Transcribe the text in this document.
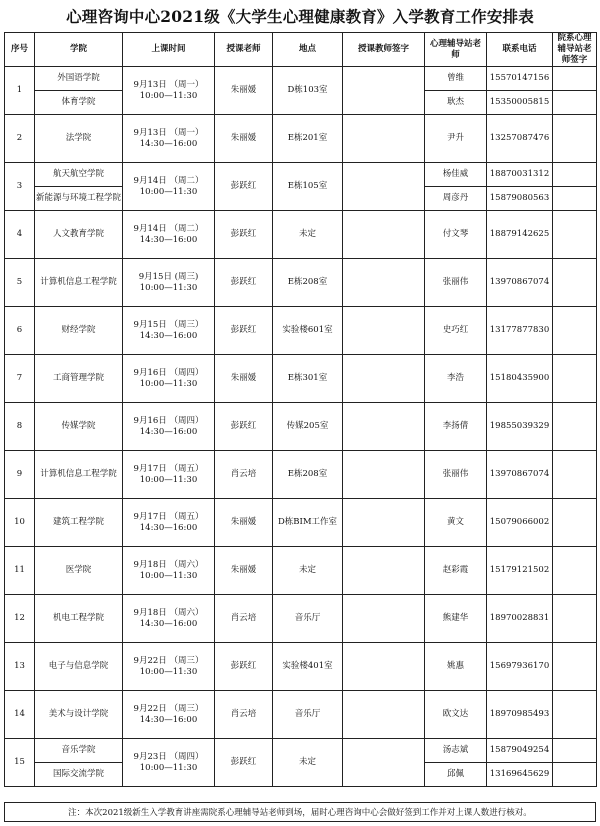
心理咨询中心2021级《大学生心理健康教育》入学教育工作安排表
序号	学院	上课时间	授课老师	地点	授课教师签字	心理辅导站老师	联系电话	院系心理辅导站老师签字
1	外国语学院	9月13日 （周一）
10:00—11:30	朱丽媛	D栋103室		曾维	15570147156	
	体育学院					耿杰	15350005815	
2	法学院	9月13日 （周一）
14:30—16:00	朱丽媛	E栋201室		尹升	13257087476	
3	航天航空学院	9月14日 （周二）
10:00—11:30	彭跃红	E栋105室		杨佳威	18870031312	
	新能源与环境工程学院					周彦丹	15879080563	
4	人文教育学院	9月14日 （周二）
14:30—16:00	彭跃红	未定		付文琴	18879142625	
5	计算机信息工程学院	9月15日 (周三)
10:00—11:30	彭跃红	E栋208室		张丽伟	13970867074	
6	财经学院	9月15日 （周三）
14:30—16:00	彭跃红	实验楼601室		史巧红	13177877830	
7	工商管理学院	9月16日 （周四）
10:00—11:30	朱丽媛	E栋301室		李浩	15180435900	
8	传媒学院	9月16日 （周四）
14:30—16:00	彭跃红	传媒205室		李扬倩	19855039329	
9	计算机信息工程学院	9月17日 （周五）
10:00—11:30	肖云培	E栋208室		张丽伟	13970867074	
10	建筑工程学院	9月17日 （周五）
14:30—16:00	朱丽媛	D栋BIM工作室		黄文	15079066002	
11	医学院	9月18日 （周六）
10:00—11:30	朱丽媛	未定		赵彩霞	15179121502	
12	机电工程学院	9月18日 （周六）
14:30—16:00	肖云培	音乐厅		熊建华	18970028831	
13	电子与信息学院	9月22日 （周三）
10:00—11:30	彭跃红	实验楼401室		姚惠	15697936170	
14	美术与设计学院	9月22日 （周三）
14:30—16:00	肖云培	音乐厅		欧文达	18970985493	
15	音乐学院	9月23日 （周四）
10:00—11:30	彭跃红	未定		汤志斌	15879049254	
	国际交流学院					邱佩	13169645629	
注：本次2021级新生入学教育讲座需院系心理辅导站老师到场，届时心理咨询中心会做好签到工作并对上课人数进行核对。
